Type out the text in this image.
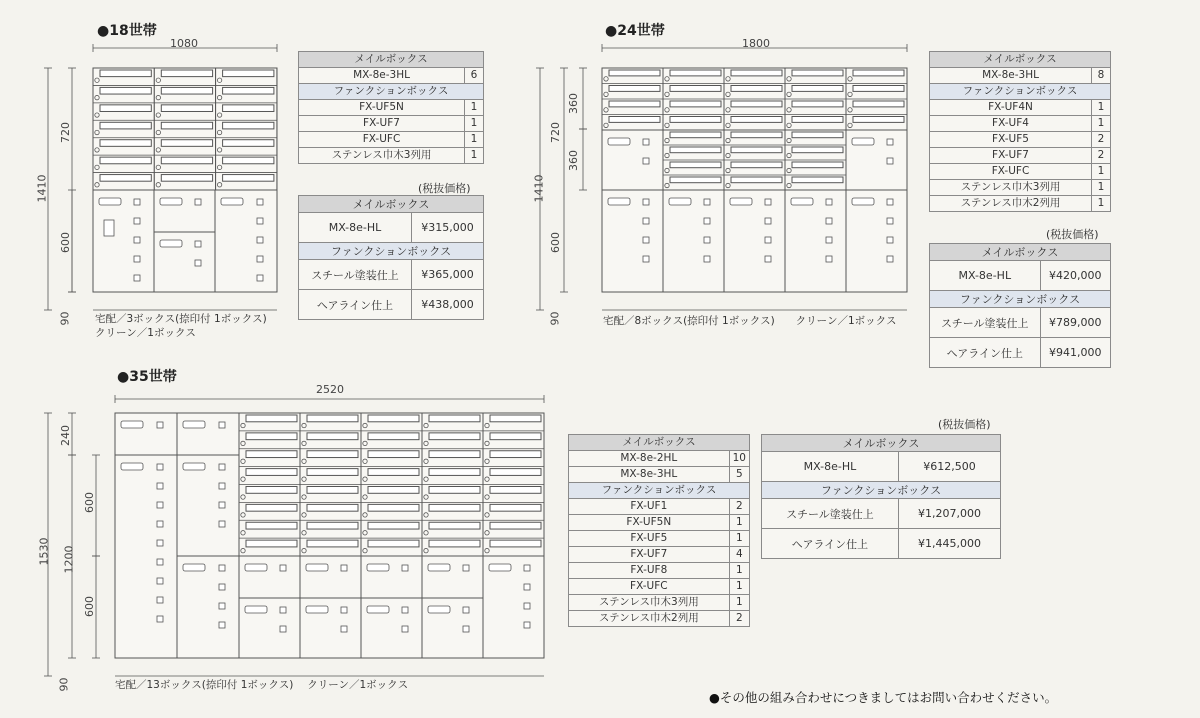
●18世帯
1080
1410
720
600
90 宅配／3ボックス(捺印付 1ボックス)
クリーン／1ボックス
メイルボックス	
MX-8e-3HL	6
ファンクションボックス	
FX-UF5N	1
FX-UF7	1
FX-UFC	1
ステンレス巾木3列用	1
(税抜価格)
メイルボックス	
MX-8e-HL	¥315,000
ファンクションボックス	
スチール塗装仕上	¥365,000
ヘアライン仕上	¥438,000
●24世帯
1800
1410
720
360
360
600
90	宅配／8ボックス(捺印付 1ボックス)　　クリーン／1ボックス
メイルボックス	
MX-8e-3HL	8
ファンクションボックス	
FX-UF4N	1
FX-UF4	1
FX-UF5	2
FX-UF7	2
FX-UFC	1
ステンレス巾木3列用	1
ステンレス巾木2列用	1
(税抜価格)
メイルボックス	
MX-8e-HL	¥420,000
ファンクションボックス	
スチール塗装仕上	¥789,000
ヘアライン仕上	¥941,000
●35世帯
2520
1530
240
1200
600
600
90	宅配／13ボックス(捺印付 1ボックス)　 クリーン／1ボックス
メイルボックス	
MX-8e-2HL	10
MX-8e-3HL	5
ファンクションボックス	
FX-UF1	2
FX-UF5N	1
FX-UF5	1
FX-UF7	4
FX-UF8	1
FX-UFC	1
ステンレス巾木3列用	1
ステンレス巾木2列用	2
(税抜価格)
メイルボックス	
MX-8e-HL	¥612,500
ファンクションボックス	
スチール塗装仕上	¥1,207,000
ヘアライン仕上	¥1,445,000
●その他の組み合わせにつきましてはお問い合わせください。
